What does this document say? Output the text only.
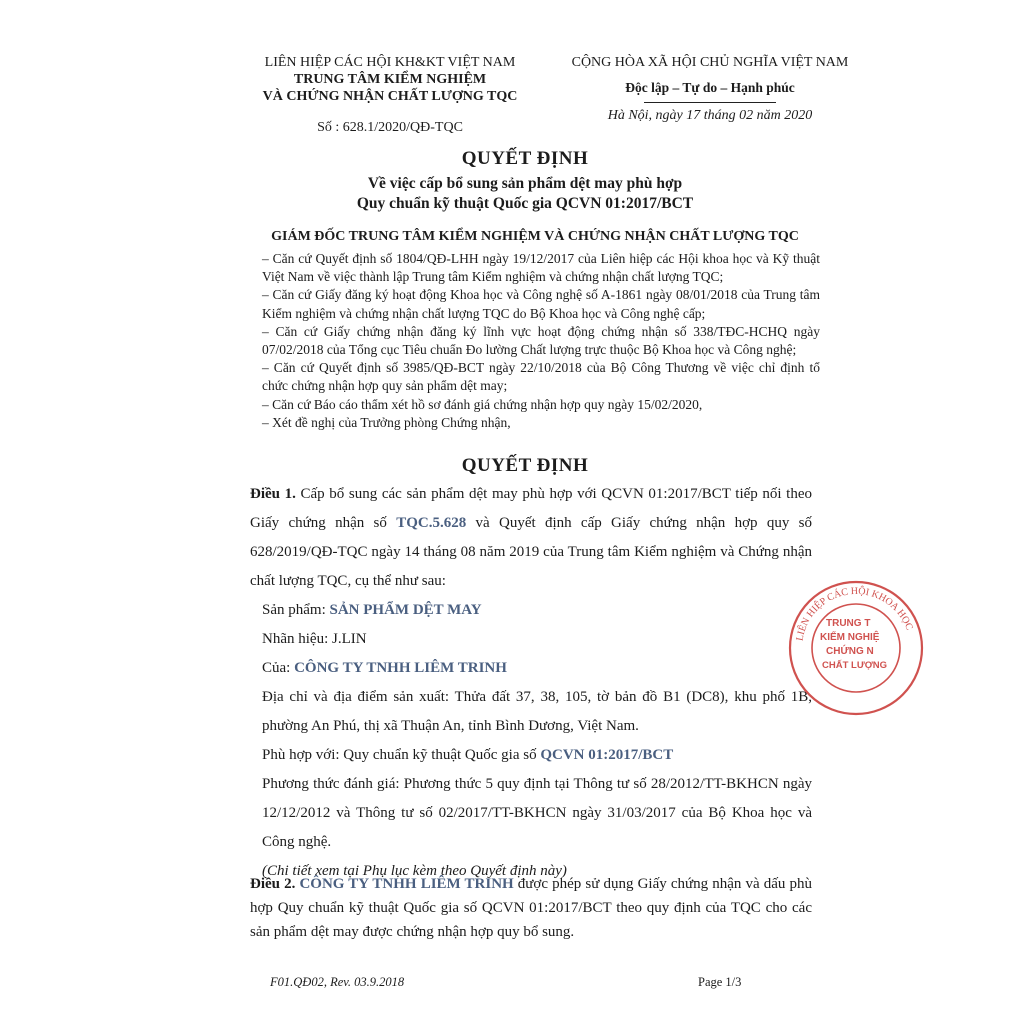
LIÊN HIỆP CÁC HỘI KH&KT VIỆT NAM
TRUNG TÂM KIỂM NGHIỆM
VÀ CHỨNG NHẬN CHẤT LƯỢNG TQC
Số : 628.1/2020/QĐ-TQC
CỘNG HÒA XÃ HỘI CHỦ NGHĨA VIỆT NAM
Độc lập – Tự do – Hạnh phúc
Hà Nội, ngày 17 tháng 02 năm 2020
QUYẾT ĐỊNH
Về việc cấp bổ sung sản phẩm dệt may phù hợp
Quy chuẩn kỹ thuật Quốc gia QCVN 01:2017/BCT
GIÁM ĐỐC TRUNG TÂM KIỂM NGHIỆM VÀ CHỨNG NHẬN CHẤT LƯỢNG TQC

– Căn cứ Quyết định số 1804/QĐ-LHH ngày 19/12/2017 của Liên hiệp các Hội khoa học và Kỹ thuật Việt Nam về việc thành lập Trung tâm Kiểm nghiệm và chứng nhận chất lượng TQC;

– Căn cứ Giấy đăng ký hoạt động Khoa học và Công nghệ số A-1861 ngày 08/01/2018 của Trung tâm Kiểm nghiệm và chứng nhận chất lượng TQC do Bộ Khoa học và Công nghệ cấp;

– Căn cứ Giấy chứng nhận đăng ký lĩnh vực hoạt động chứng nhận số 338/TĐC-HCHQ ngày 07/02/2018 của Tổng cục Tiêu chuẩn Đo lường Chất lượng trực thuộc Bộ Khoa học và Công nghệ;

– Căn cứ Quyết định số 3985/QĐ-BCT ngày 22/10/2018 của Bộ Công Thương về việc chỉ định tổ chức chứng nhận hợp quy sản phẩm dệt may;

– Căn cứ Báo cáo thẩm xét hồ sơ đánh giá chứng nhận hợp quy ngày 15/02/2020,

– Xét đề nghị của Trưởng phòng Chứng nhận,

QUYẾT ĐỊNH

Điều 1. Cấp bổ sung các sản phẩm dệt may phù hợp với QCVN 01:2017/BCT tiếp nối theo Giấy chứng nhận số TQC.5.628 và Quyết định cấp Giấy chứng nhận hợp quy số 628/2019/QĐ-TQC ngày 14 tháng 08 năm 2019 của Trung tâm Kiểm nghiệm và Chứng nhận chất lượng TQC, cụ thể như sau:

Sản phẩm: SẢN PHẨM DỆT MAY

Nhãn hiệu: J.LIN

Của: CÔNG TY TNHH LIÊM TRINH

Địa chỉ và địa điểm sản xuất: Thửa đất 37, 38, 105, tờ bản đồ B1 (DC8), khu phố 1B, phường An Phú, thị xã Thuận An, tỉnh Bình Dương, Việt Nam.

Phù hợp với: Quy chuẩn kỹ thuật Quốc gia số QCVN 01:2017/BCT

Phương thức đánh giá: Phương thức 5 quy định tại Thông tư số 28/2012/TT-BKHCN ngày 12/12/2012 và Thông tư số 02/2017/TT-BKHCN ngày 31/03/2017 của Bộ Khoa học và Công nghệ.

(Chi tiết xem tại Phụ lục kèm theo Quyết định này)

Điều 2. CÔNG TY TNHH LIÊM TRINH được phép sử dụng Giấy chứng nhận và dấu phù hợp Quy chuẩn kỹ thuật Quốc gia số QCVN 01:2017/BCT theo quy định của TQC cho các sản phẩm dệt may được chứng nhận hợp quy bổ sung.

LIÊN HIỆP CÁC HỘI KHOA HỌC
TRUNG T
KIỂM NGHIỆ
CHỨNG N
CHẤT LƯỢNG
F01.QĐ02, Rev. 03.9.2018	Page 1/3
